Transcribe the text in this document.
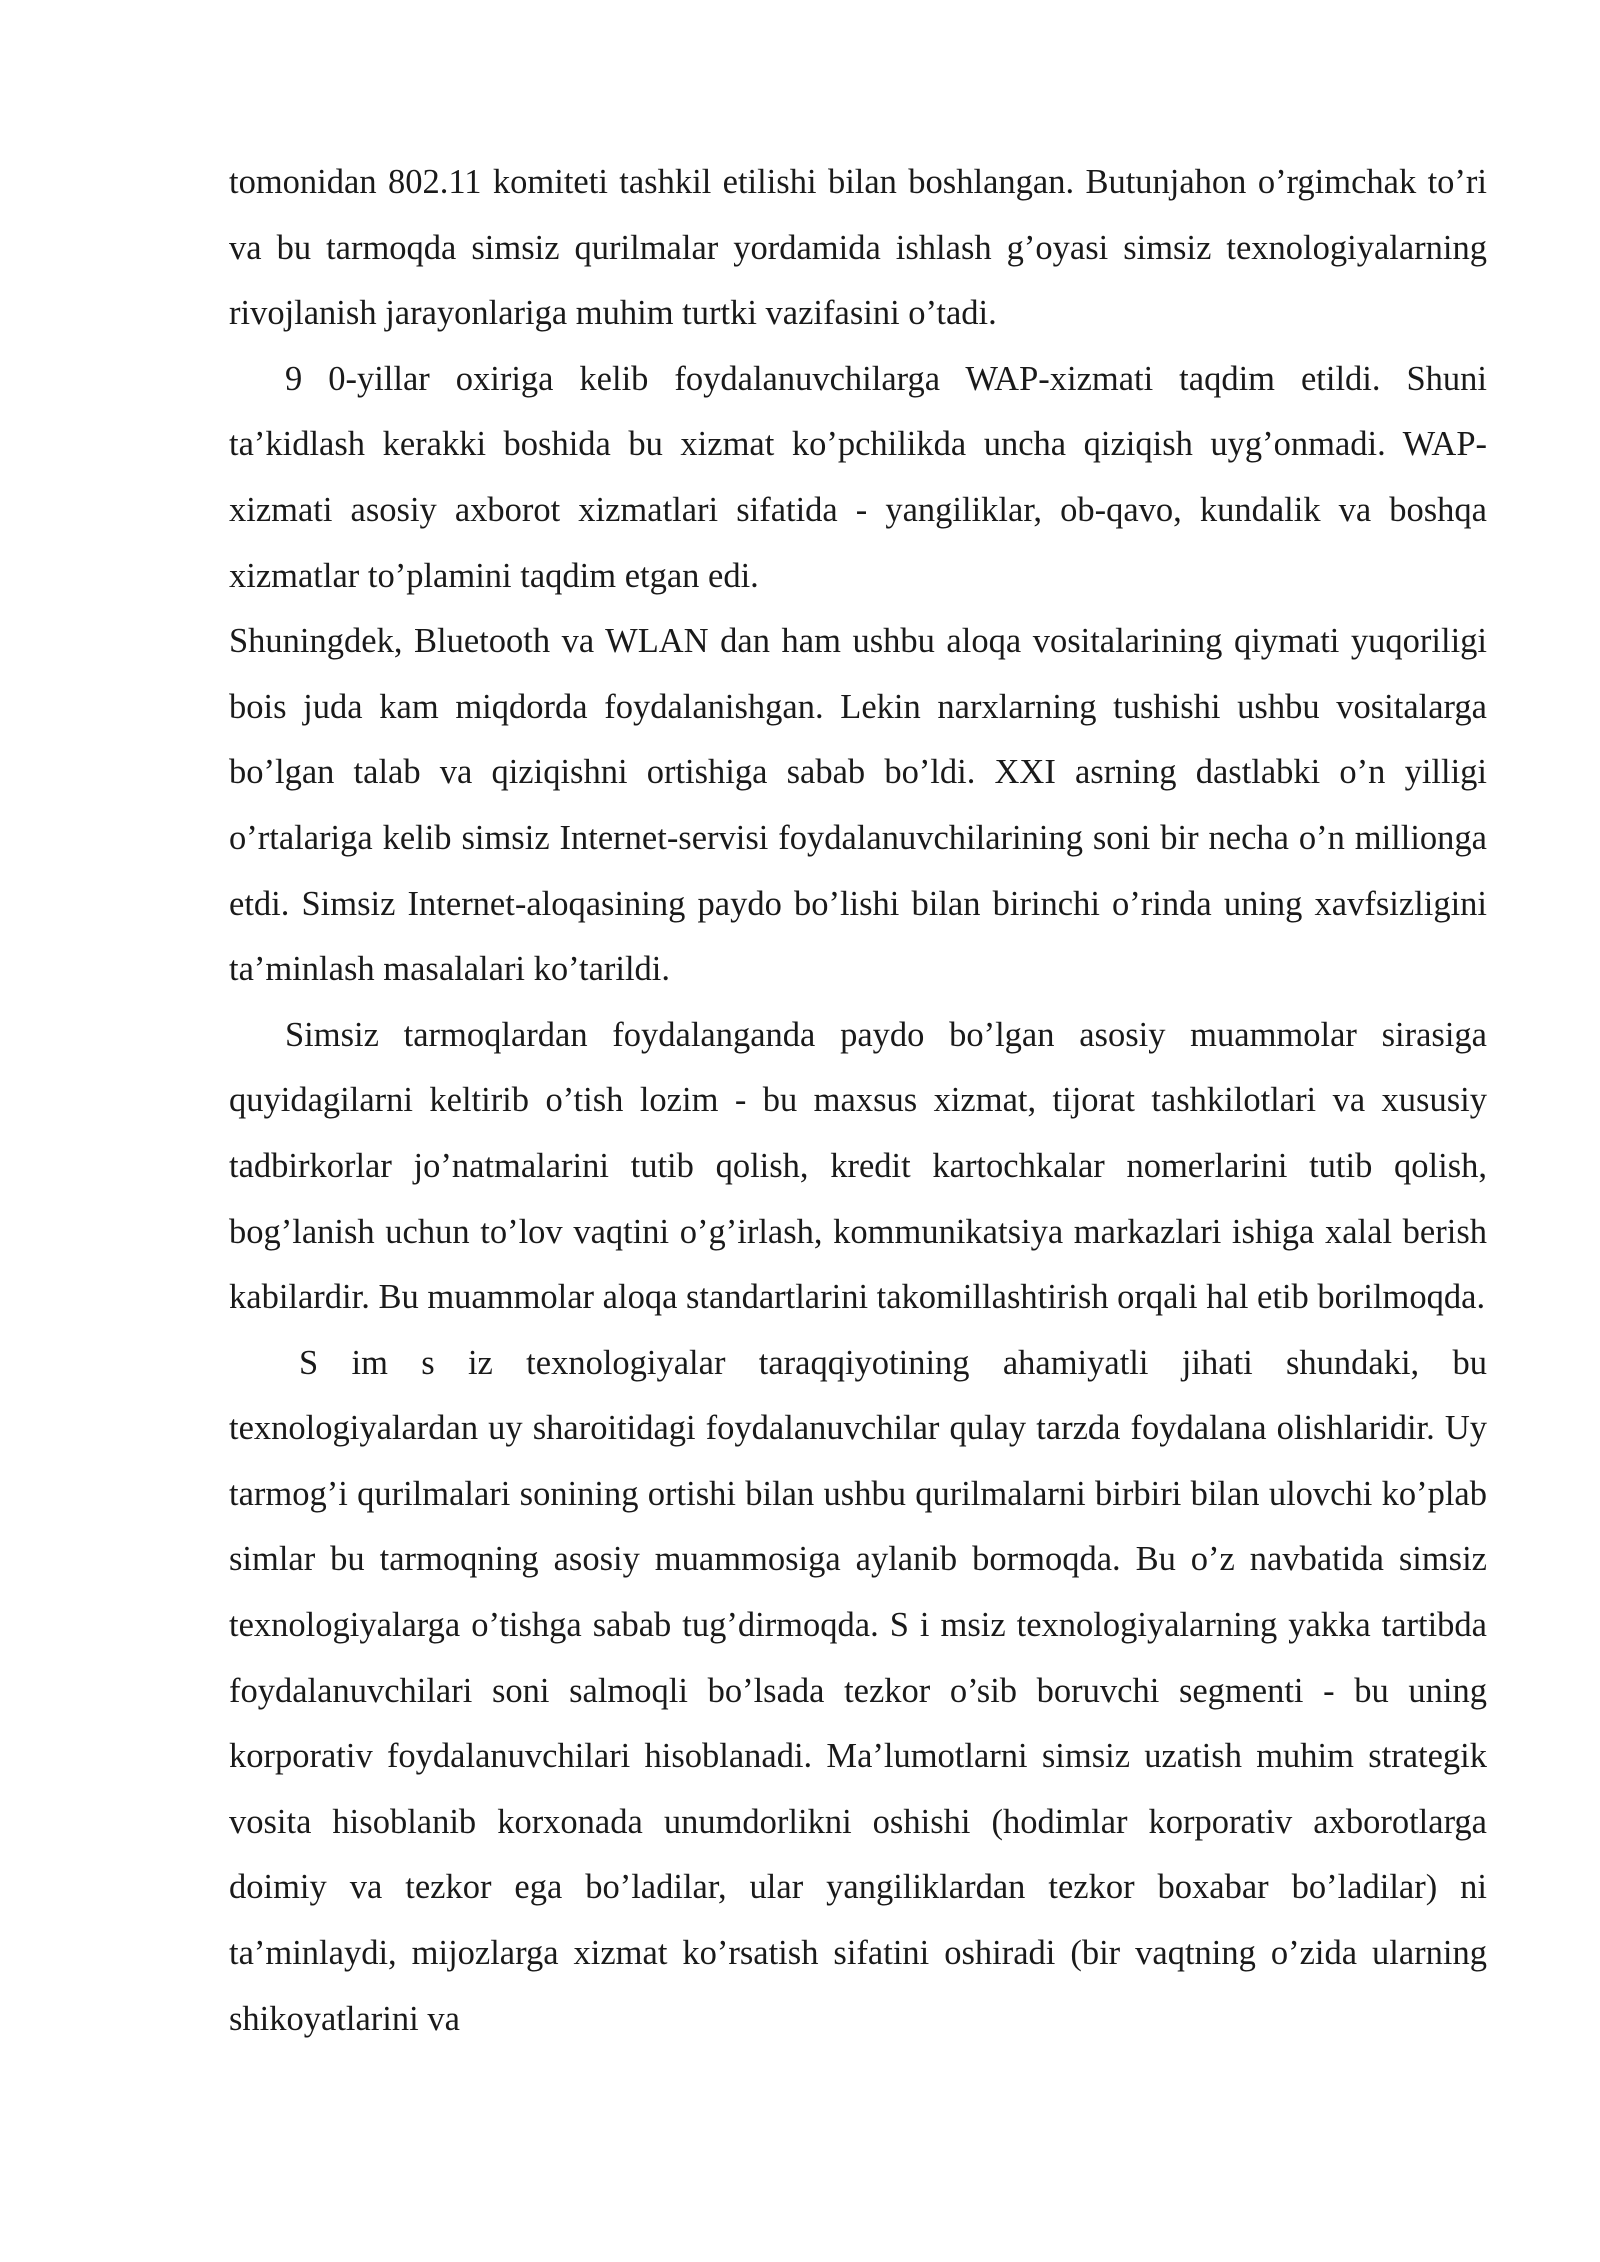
tomonidan 802.11 komiteti tashkil etilishi bilan boshlangan. Butunjahon o’rgimchak to’ri va bu tarmoqda simsiz qurilmalar yordamida ishlash g’oyasi simsiz texnologiyalarning rivojlanish jarayonlariga muhim turtki vazifasini o’tadi.

9 0-yillar oxiriga kelib foydalanuvchilarga WAP-xizmati taqdim etildi. Shuni ta’kidlash kerakki boshida bu xizmat ko’pchilikda uncha qiziqish uyg’onmadi. WAP-xizmati asosiy axborot xizmatlari sifatida - yangiliklar, ob-qavo, kundalik va boshqa xizmatlar to’plamini taqdim etgan edi.

Shuningdek, Bluetooth va WLAN dan ham ushbu aloqa vositalarining qiymati yuqoriligi bois juda kam miqdorda foydalanishgan. Lekin narxlarning tushishi ushbu vositalarga bo’lgan talab va qiziqishni ortishiga sabab bo’ldi. XXI asrning dastlabki o’n yilligi o’rtalariga kelib simsiz Internet-servisi foydalanuvchilarining soni bir necha o’n millionga etdi. Simsiz Internet-aloqasining paydo bo’lishi bilan birinchi o’rinda uning xavfsizligini ta’minlash masalalari ko’tarildi.

Simsiz tarmoqlardan foydalanganda paydo bo’lgan asosiy muammolar sirasiga quyidagilarni keltirib o’tish lozim - bu maxsus xizmat, tijorat tashkilotlari va xususiy tadbirkorlar jo’natmalarini tutib qolish, kredit kartochkalar nomerlarini tutib qolish, bog’lanish uchun to’lov vaqtini o’g’irlash, kommunikatsiya markazlari ishiga xalal berish kabilardir. Bu muammolar aloqa standartlarini takomillashtirish orqali hal etib borilmoqda.

S im s iz texnologiyalar taraqqiyotining ahamiyatli jihati shundaki, bu texnologiyalardan uy sharoitidagi foydalanuvchilar qulay tarzda foydalana olishlaridir. Uy tarmog’i qurilmalari sonining ortishi bilan ushbu qurilmalarni birbiri bilan ulovchi ko’plab simlar bu tarmoqning asosiy muammosiga aylanib bormoqda. Bu o’z navbatida simsiz texnologiyalarga o’tishga sabab tug’dirmoqda. S i msiz texnologiyalarning yakka tartibda foydalanuvchilari soni salmoqli bo’lsada tezkor o’sib boruvchi segmenti - bu uning korporativ foydalanuvchilari hisoblanadi. Ma’lumotlarni simsiz uzatish muhim strategik vosita hisoblanib korxonada unumdorlikni oshishi (hodimlar korporativ axborotlarga doimiy va tezkor ega bo’ladilar, ular yangiliklardan tezkor boxabar bo’ladilar) ni ta’minlaydi, mijozlarga xizmat ko’rsatish sifatini oshiradi (bir vaqtning o’zida ularning shikoyatlarini va
